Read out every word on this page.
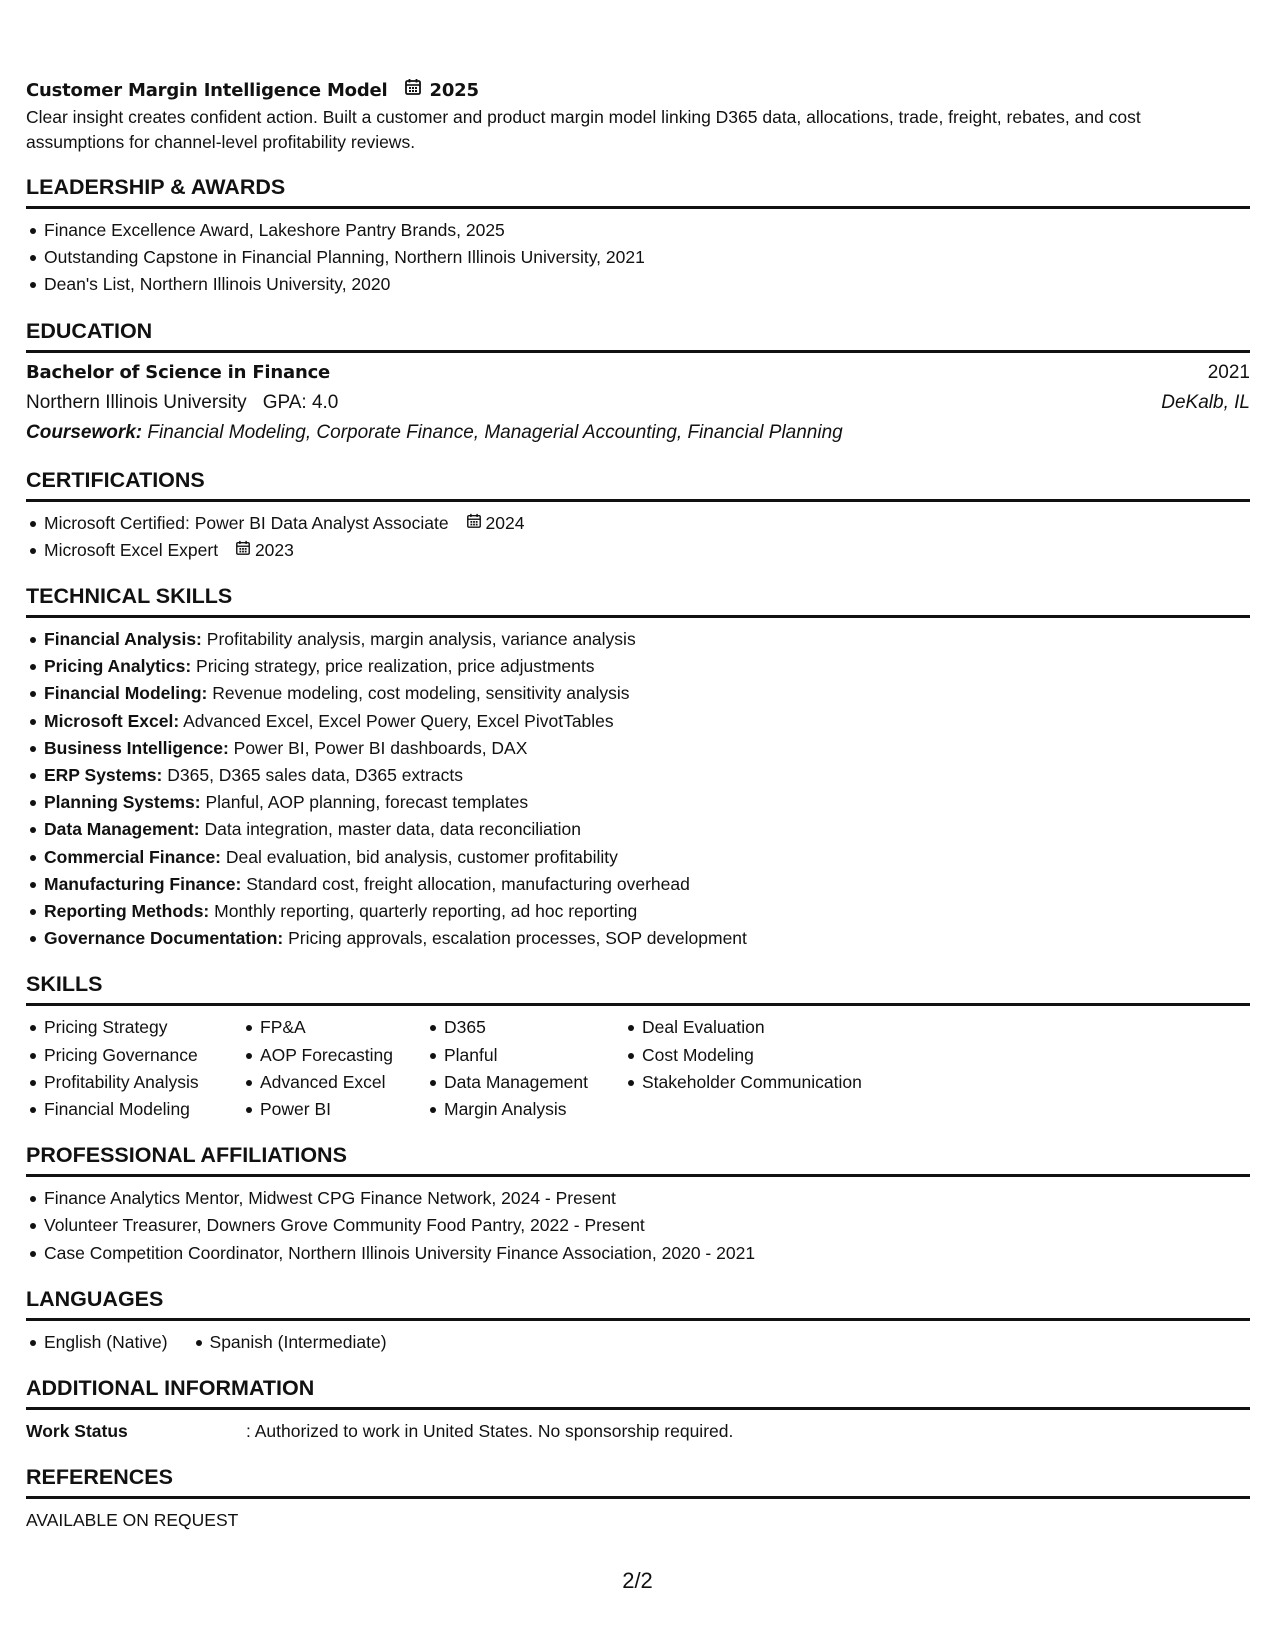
Customer Margin Intelligence Model 2025
Clear insight creates confident action. Built a customer and product margin model linking D365 data, allocations, trade, freight, rebates, and cost assumptions for channel-level profitability reviews.
LEADERSHIP & AWARDS
Finance Excellence Award, Lakeshore Pantry Brands, 2025
Outstanding Capstone in Financial Planning, Northern Illinois University, 2021
Dean's List, Northern Illinois University, 2020
EDUCATION
Bachelor of Science in Finance	2021
Northern Illinois University GPA: 4.0	DeKalb, IL
Coursework: Financial Modeling, Corporate Finance, Managerial Accounting, Financial Planning
CERTIFICATIONS
Microsoft Certified: Power BI Data Analyst Associate 2024
Microsoft Excel Expert 2023
TECHNICAL SKILLS
Financial Analysis: Profitability analysis, margin analysis, variance analysis
Pricing Analytics: Pricing strategy, price realization, price adjustments
Financial Modeling: Revenue modeling, cost modeling, sensitivity analysis
Microsoft Excel: Advanced Excel, Excel Power Query, Excel PivotTables
Business Intelligence: Power BI, Power BI dashboards, DAX
ERP Systems: D365, D365 sales data, D365 extracts
Planning Systems: Planful, AOP planning, forecast templates
Data Management: Data integration, master data, data reconciliation
Commercial Finance: Deal evaluation, bid analysis, customer profitability
Manufacturing Finance: Standard cost, freight allocation, manufacturing overhead
Reporting Methods: Monthly reporting, quarterly reporting, ad hoc reporting
Governance Documentation: Pricing approvals, escalation processes, SOP development
SKILLS
Pricing Strategy
Pricing Governance
Profitability Analysis
Financial Modeling
FP&A
AOP Forecasting
Advanced Excel
Power BI
D365
Planful
Data Management
Margin Analysis
Deal Evaluation
Cost Modeling
Stakeholder Communication
PROFESSIONAL AFFILIATIONS
Finance Analytics Mentor, Midwest CPG Finance Network, 2024 - Present
Volunteer Treasurer, Downers Grove Community Food Pantry, 2022 - Present
Case Competition Coordinator, Northern Illinois University Finance Association, 2020 - 2021
LANGUAGES
English (Native) Spanish (Intermediate)
ADDITIONAL INFORMATION
Work Status	: Authorized to work in United States. No sponsorship required.
REFERENCES
AVAILABLE ON REQUEST
2/2
